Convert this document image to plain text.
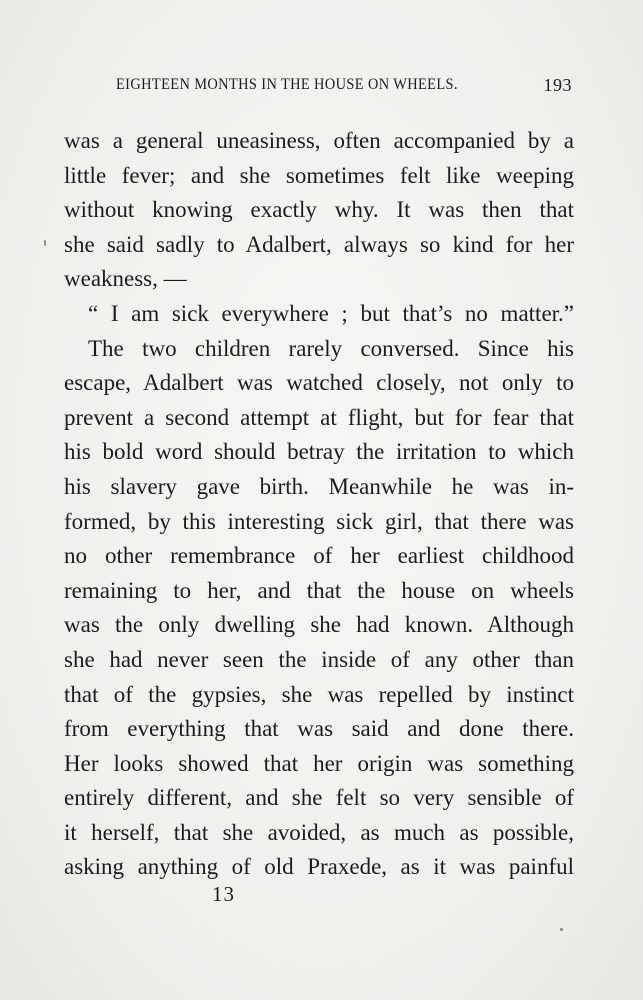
EIGHTEEN MONTHS IN THE HOUSE ON WHEELS.	193
was a general uneasiness, often accompanied by a
little fever; and she sometimes felt like weeping
without knowing exactly why. It was then that
she said sadly to Adalbert, always so kind for her
weakness, —
“ I am sick everywhere ; but that’s no matter.”
The two children rarely conversed. Since his
escape, Adalbert was watched closely, not only to
prevent a second attempt at flight, but for fear that
his bold word should betray the irritation to which
his slavery gave birth. Meanwhile he was in-
formed, by this interesting sick girl, that there was
no other remembrance of her earliest childhood
remaining to her, and that the house on wheels
was the only dwelling she had known. Although
she had never seen the inside of any other than
that of the gypsies, she was repelled by instinct
from everything that was said and done there.
Her looks showed that her origin was something
entirely different, and she felt so very sensible of
it herself, that she avoided, as much as possible,
asking anything of old Praxede, as it was painful
13
